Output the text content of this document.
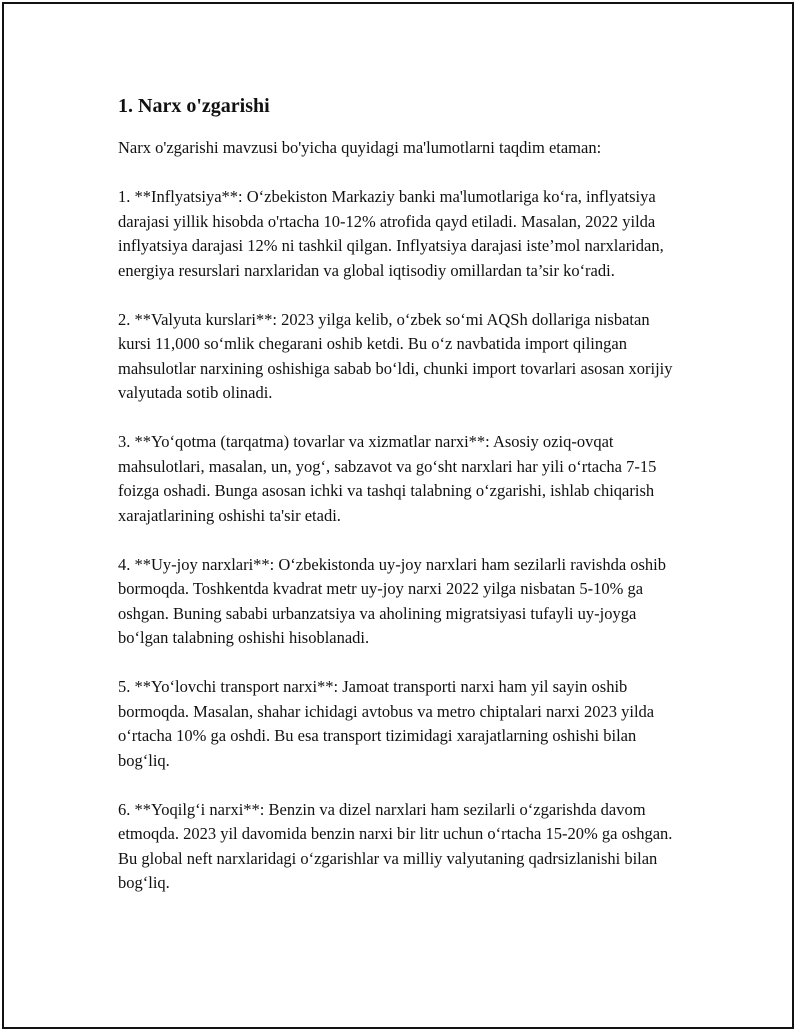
1. Narx o'zgarishi

Narx o'zgarishi mavzusi bo'yicha quyidagi ma'lumotlarni taqdim etaman:

1. **Inflyatsiya**: O‘zbekiston Markaziy banki ma'lumotlariga ko‘ra, inflyatsiya darajasi yillik hisobda o'rtacha 10-12% atrofida qayd etiladi. Masalan, 2022 yilda inflyatsiya darajasi 12% ni tashkil qilgan. Inflyatsiya darajasi iste’mol narxlaridan, energiya resurslari narxlaridan va global iqtisodiy omillardan ta’sir ko‘radi.

2. **Valyuta kurslari**: 2023 yilga kelib, o‘zbek so‘mi AQSh dollariga nisbatan kursi 11,000 so‘mlik chegarani oshib ketdi. Bu o‘z navbatida import qilingan mahsulotlar narxining oshishiga sabab bo‘ldi, chunki import tovarlari asosan xorijiy valyutada sotib olinadi.

3. **Yo‘qotma (tarqatma) tovarlar va xizmatlar narxi**: Asosiy oziq-ovqat mahsulotlari, masalan, un, yog‘, sabzavot va go‘sht narxlari har yili o‘rtacha 7-15 foizga oshadi. Bunga asosan ichki va tashqi talabning o‘zgarishi, ishlab chiqarish xarajatlarining oshishi ta'sir etadi.

4. **Uy-joy narxlari**: O‘zbekistonda uy-joy narxlari ham sezilarli ravishda oshib bormoqda. Toshkentda kvadrat metr uy-joy narxi 2022 yilga nisbatan 5-10% ga oshgan. Buning sababi urbanzatsiya va aholining migratsiyasi tufayli uy-joyga bo‘lgan talabning oshishi hisoblanadi.

5. **Yo‘lovchi transport narxi**: Jamoat transporti narxi ham yil sayin oshib bormoqda. Masalan, shahar ichidagi avtobus va metro chiptalari narxi 2023 yilda o‘rtacha 10% ga oshdi. Bu esa transport tizimidagi xarajatlarning oshishi bilan bog‘liq.

6. **Yoqilg‘i narxi**: Benzin va dizel narxlari ham sezilarli o‘zgarishda davom etmoqda. 2023 yil davomida benzin narxi bir litr uchun o‘rtacha 15-20% ga oshgan. Bu global neft narxlaridagi o‘zgarishlar va milliy valyutaning qadrsizlanishi bilan bog‘liq.
